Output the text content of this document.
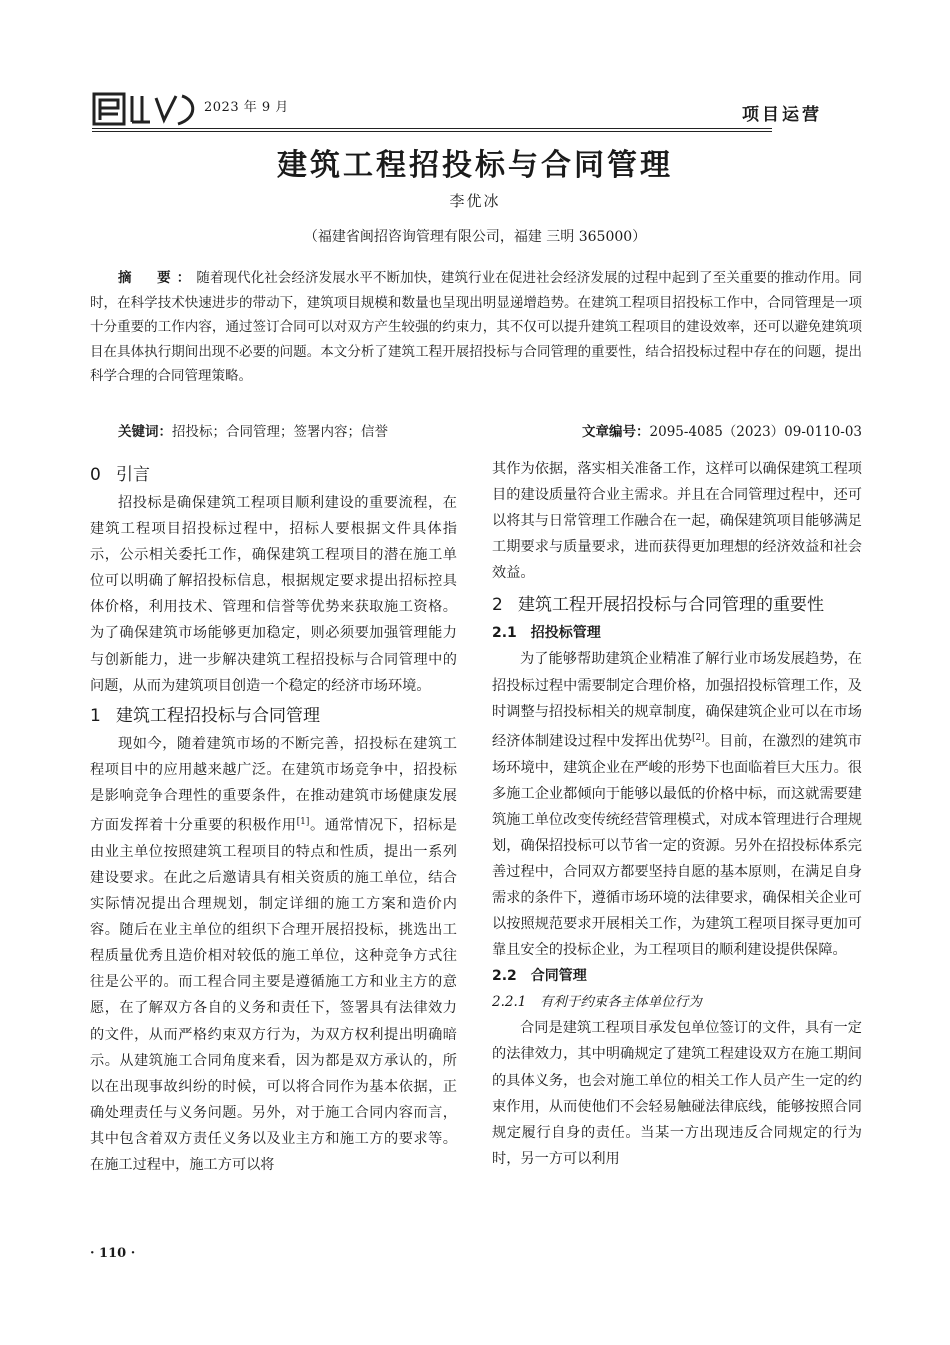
2023 年 9 月	项目运营
建筑工程招投标与合同管理
李优冰
（福建省闽招咨询管理有限公司，福建 三明 365000）
摘　要：随着现代化社会经济发展水平不断加快，建筑行业在促进社会经济发展的过程中起到了至关重要的推动作用。同时，在科学技术快速进步的带动下，建筑项目规模和数量也呈现出明显递增趋势。在建筑工程项目招投标工作中，合同管理是一项十分重要的工作内容，通过签订合同可以对双方产生较强的约束力，其不仅可以提升建筑工程项目的建设效率，还可以避免建筑项目在具体执行期间出现不必要的问题。本文分析了建筑工程开展招投标与合同管理的重要性，结合招投标过程中存在的问题，提出科学合理的合同管理策略。
关键词：招投标；合同管理；签署内容；信誉	文章编号：2095-4085（2023）09-0110-03

0 引言

招投标是确保建筑工程项目顺利建设的重要流程，在建筑工程项目招投标过程中，招标人要根据文件具体指示，公示相关委托工作，确保建筑工程项目的潜在施工单位可以明确了解招投标信息，根据规定要求提出招标控具体价格，利用技术、管理和信誉等优势来获取施工资格。为了确保建筑市场能够更加稳定，则必须要加强管理能力与创新能力，进一步解决建筑工程招投标与合同管理中的问题，从而为建筑项目创造一个稳定的经济市场环境。

1 建筑工程招投标与合同管理

现如今，随着建筑市场的不断完善，招投标在建筑工程项目中的应用越来越广泛。在建筑市场竞争中，招投标是影响竞争合理性的重要条件，在推动建筑市场健康发展方面发挥着十分重要的积极作用[1]。通常情况下，招标是由业主单位按照建筑工程项目的特点和性质，提出一系列建设要求。在此之后邀请具有相关资质的施工单位，结合实际情况提出合理规划，制定详细的施工方案和造价内容。随后在业主单位的组织下合理开展招投标，挑选出工程质量优秀且造价相对较低的施工单位，这种竞争方式往往是公平的。而工程合同主要是遵循施工方和业主方的意愿，在了解双方各自的义务和责任下，签署具有法律效力的文件，从而严格约束双方行为，为双方权利提出明确暗示。从建筑施工合同角度来看，因为都是双方承认的，所以在出现事故纠纷的时候，可以将合同作为基本依据，正确处理责任与义务问题。另外，对于施工合同内容而言，其中包含着双方责任义务以及业主方和施工方的要求等。在施工过程中，施工方可以将

其作为依据，落实相关准备工作，这样可以确保建筑工程项目的建设质量符合业主需求。并且在合同管理过程中，还可以将其与日常管理工作融合在一起，确保建筑项目能够满足工期要求与质量要求，进而获得更加理想的经济效益和社会效益。

2 建筑工程开展招投标与合同管理的重要性

2.1　招投标管理

为了能够帮助建筑企业精准了解行业市场发展趋势，在招投标过程中需要制定合理价格，加强招投标管理工作，及时调整与招投标相关的规章制度，确保建筑企业可以在市场经济体制建设过程中发挥出优势[2]。目前，在激烈的建筑市场环境中，建筑企业在严峻的形势下也面临着巨大压力。很多施工企业都倾向于能够以最低的价格中标，而这就需要建筑施工单位改变传统经营管理模式，对成本管理进行合理规划，确保招投标可以节省一定的资源。另外在招投标体系完善过程中，合同双方都要坚持自愿的基本原则，在满足自身需求的条件下，遵循市场环境的法律要求，确保相关企业可以按照规范要求开展相关工作，为建筑工程项目探寻更加可靠且安全的投标企业，为工程项目的顺利建设提供保障。

2.2　合同管理

2.2.1　有利于约束各主体单位行为

合同是建筑工程项目承发包单位签订的文件，具有一定的法律效力，其中明确规定了建筑工程建设双方在施工期间的具体义务，也会对施工单位的相关工作人员产生一定的约束作用，从而使他们不会轻易触碰法律底线，能够按照合同规定履行自身的责任。当某一方出现违反合同规定的行为时，另一方可以利用

· 110 ·
